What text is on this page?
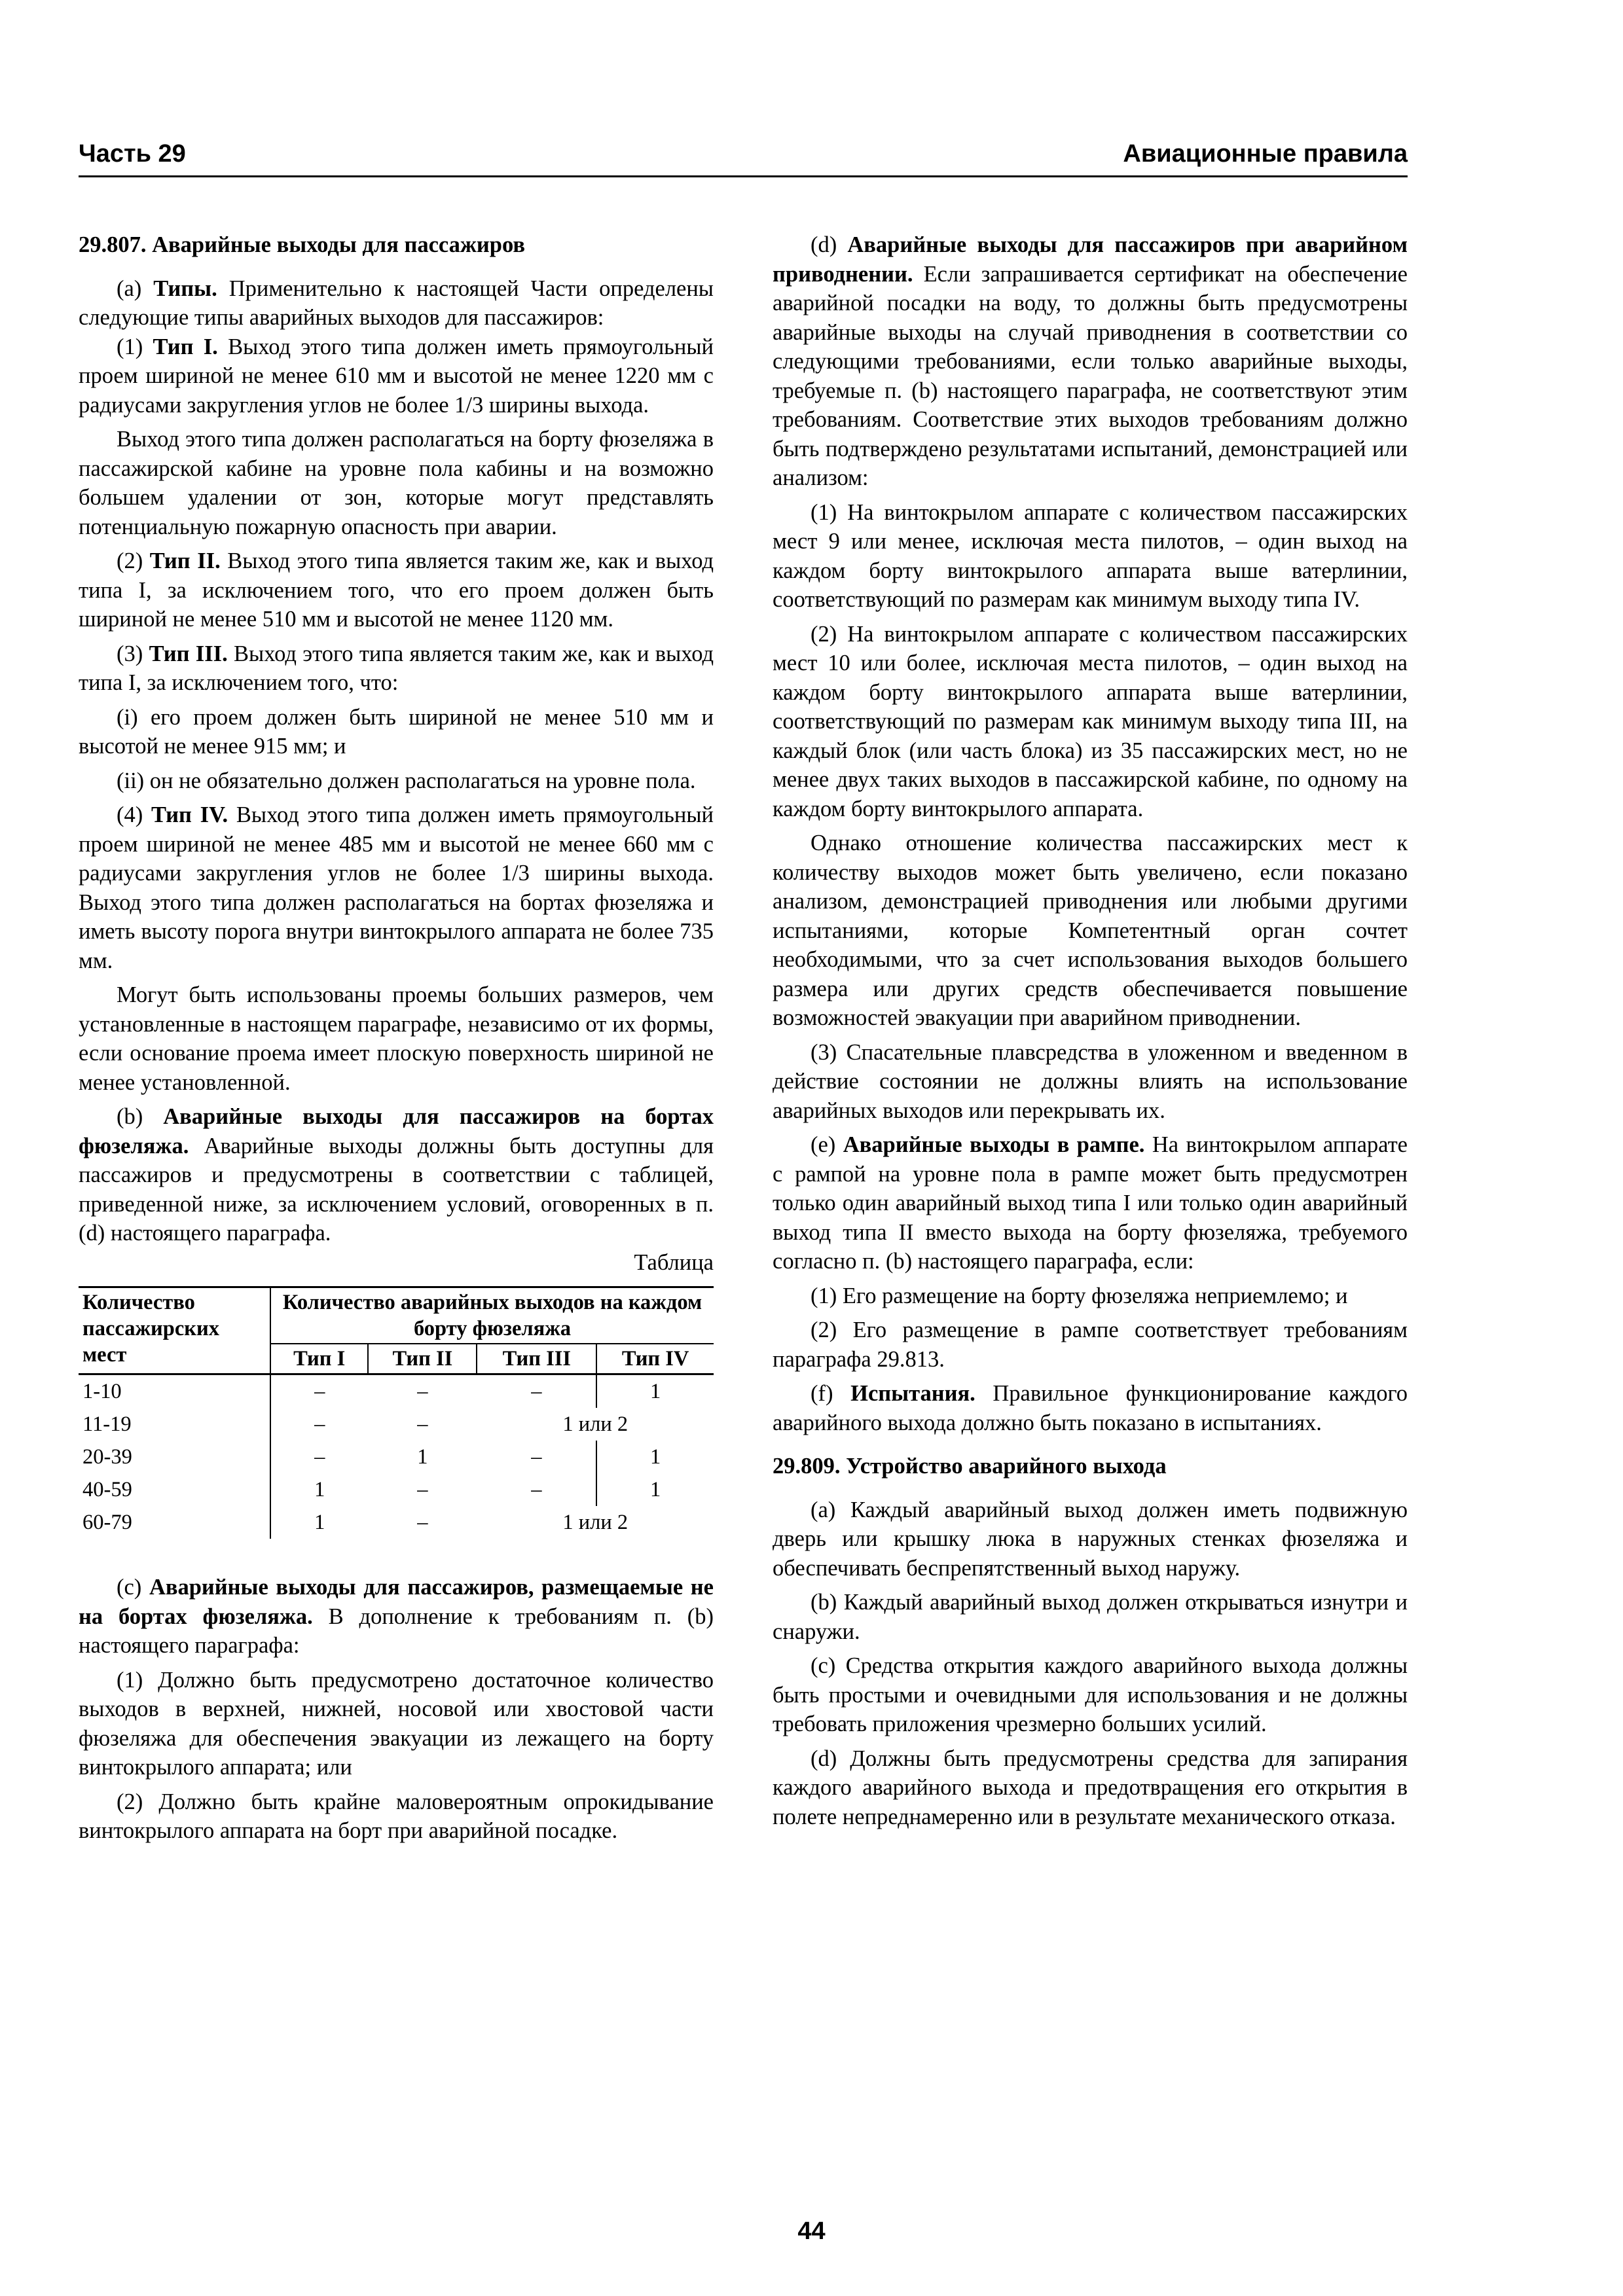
Часть 29	Авиационные правила
29.807. Аварийные выходы для пассажиров

(a) Типы. Применительно к настоящей Части определены следующие типы аварийных выходов для пассажиров:

(1) Тип I. Выход этого типа должен иметь прямоугольный проем шириной не менее 610 мм и высотой не менее 1220 мм с радиусами закругления углов не более 1/3 ширины выхода.

Выход этого типа должен располагаться на борту фюзеляжа в пассажирской кабине на уровне пола кабины и на возможно большем удалении от зон, которые могут представлять потенциальную пожарную опасность при аварии.

(2) Тип II. Выход этого типа является таким же, как и выход типа I, за исключением того, что его проем должен быть шириной не менее 510 мм и высотой не менее 1120 мм.

(3) Тип III. Выход этого типа является таким же, как и выход типа I, за исключением того, что:

(i) его проем должен быть шириной не менее 510 мм и высотой не менее 915 мм; и

(ii) он не обязательно должен располагаться на уровне пола.

(4) Тип IV. Выход этого типа должен иметь прямоугольный проем шириной не менее 485 мм и высотой не менее 660 мм с радиусами закругления углов не более 1/3 ширины выхода. Выход этого типа должен располагаться на бортах фюзеляжа и иметь высоту порога внутри винтокрылого аппарата не более 735 мм.

Могут быть использованы проемы больших размеров, чем установленные в настоящем параграфе, независимо от их формы, если основание проема имеет плоскую поверхность шириной не менее установленной.

(b) Аварийные выходы для пассажиров на бортах фюзеляжа. Аварийные выходы должны быть доступны для пассажиров и предусмотрены в соответствии с таблицей, приведенной ниже, за исключением условий, оговоренных в п. (d) настоящего параграфа.

Таблица
Количество пассажирских мест	Количество аварийных выходов на каждом борту фюзеляжа			
	Тип I	Тип II	Тип III	Тип IV
1-10	–	–	–	1
11-19	–	–	1 или 2	
20-39	–	1	–	1
40-59	1	–	–	1
60-79	1	–	1 или 2	

(c) Аварийные выходы для пассажиров, размещаемые не на бортах фюзеляжа. В дополнение к требованиям п. (b) настоящего параграфа:

(1) Должно быть предусмотрено достаточное количество выходов в верхней, нижней, носовой или хвостовой части фюзеляжа для обеспечения эвакуации из лежащего на борту винтокрылого аппарата; или

(2) Должно быть крайне маловероятным опрокидывание винтокрылого аппарата на борт при аварийной посадке.

(d) Аварийные выходы для пассажиров при аварийном приводнении. Если запрашивается сертификат на обеспечение аварийной посадки на воду, то должны быть предусмотрены аварийные выходы на случай приводнения в соответствии со следующими требованиями, если только аварийные выходы, требуемые п. (b) настоящего параграфа, не соответствуют этим требованиям. Соответствие этих выходов требованиям должно быть подтверждено результатами испытаний, демонстрацией или анализом:

(1) На винтокрылом аппарате с количеством пассажирских мест 9 или менее, исключая места пилотов, – один выход на каждом борту винтокрылого аппарата выше ватерлинии, соответствующий по размерам как минимум выходу типа IV.

(2) На винтокрылом аппарате с количеством пассажирских мест 10 или более, исключая места пилотов, – один выход на каждом борту винтокрылого аппарата выше ватерлинии, соответствующий по размерам как минимум выходу типа III, на каждый блок (или часть блока) из 35 пассажирских мест, но не менее двух таких выходов в пассажирской кабине, по одному на каждом борту винтокрылого аппарата.

Однако отношение количества пассажирских мест к количеству выходов может быть увеличено, если показано анализом, демонстрацией приводнения или любыми другими испытаниями, которые Компетентный орган сочтет необходимыми, что за счет использования выходов большего размера или других средств обеспечивается повышение возможностей эвакуации при аварийном приводнении.

(3) Спасательные плавсредства в уложенном и введенном в действие состоянии не должны влиять на использование аварийных выходов или перекрывать их.

(e) Аварийные выходы в рампе. На винтокрылом аппарате с рампой на уровне пола в рампе может быть предусмотрен только один аварийный выход типа I или только один аварийный выход типа II вместо выхода на борту фюзеляжа, требуемого согласно п. (b) настоящего параграфа, если:

(1) Его размещение на борту фюзеляжа неприемлемо; и

(2) Его размещение в рампе соответствует требованиям параграфа 29.813.

(f) Испытания. Правильное функционирование каждого аварийного выхода должно быть показано в испытаниях.

29.809. Устройство аварийного выхода

(a) Каждый аварийный выход должен иметь подвижную дверь или крышку люка в наружных стенках фюзеляжа и обеспечивать беспрепятственный выход наружу.

(b) Каждый аварийный выход должен открываться изнутри и снаружи.

(c) Средства открытия каждого аварийного выхода должны быть простыми и очевидными для использования и не должны требовать приложения чрезмерно больших усилий.

(d) Должны быть предусмотрены средства для запирания каждого аварийного выхода и предотвращения его открытия в полете непреднамеренно или в результате механического отказа.

44
